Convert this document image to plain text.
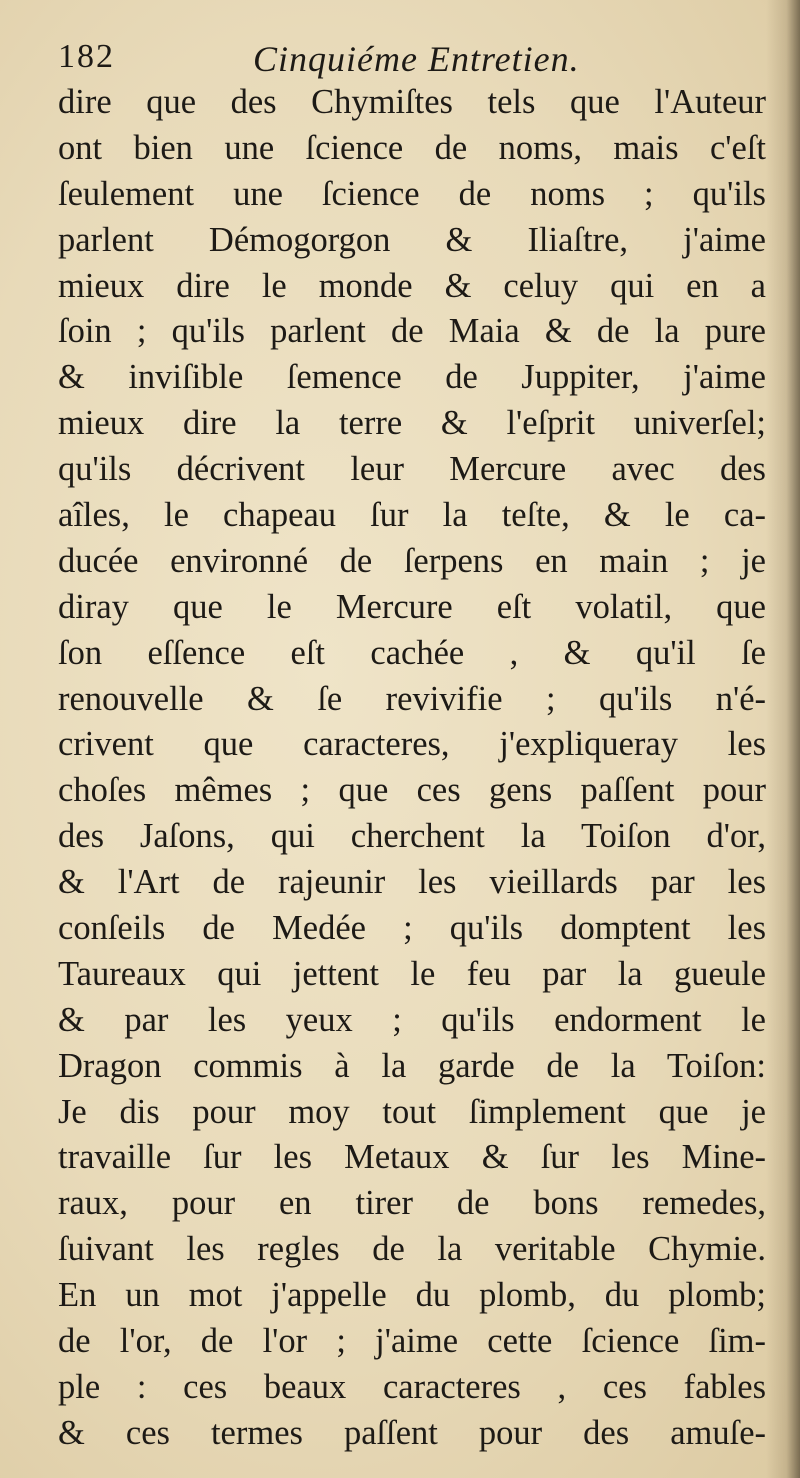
182	Cinquiéme Entretien.
dire que des Chymiſtes tels que l'Auteur
ont bien une ſcience de noms, mais c'eſt
ſeulement une ſcience de noms ; qu'ils
parlent Démogorgon & Iliaſtre, j'aime
mieux dire le monde & celuy qui en a
ſoin ; qu'ils parlent de Maia & de la pure
& inviſible ſemence de Juppiter, j'aime
mieux dire la terre & l'eſprit univerſel;
qu'ils décrivent leur Mercure avec des
aîles, le chapeau ſur la teſte, & le ca-
ducée environné de ſerpens en main ; je
diray que le Mercure eſt volatil, que
ſon eſſence eſt cachée , & qu'il ſe
renouvelle & ſe revivifie ; qu'ils n'é-
crivent que caracteres, j'expliqueray les
choſes mêmes ; que ces gens paſſent pour
des Jaſons, qui cherchent la Toiſon d'or,
& l'Art de rajeunir les vieillards par les
conſeils de Medée ; qu'ils domptent les
Taureaux qui jettent le feu par la gueule
& par les yeux ; qu'ils endorment le
Dragon commis à la garde de la Toiſon:
Je dis pour moy tout ſimplement que je
travaille ſur les Metaux & ſur les Mine-
raux, pour en tirer de bons remedes,
ſuivant les regles de la veritable Chymie.
En un mot j'appelle du plomb, du plomb;
de l'or, de l'or ; j'aime cette ſcience ſim-
ple : ces beaux caracteres , ces fables
& ces termes paſſent pour des amuſe-
